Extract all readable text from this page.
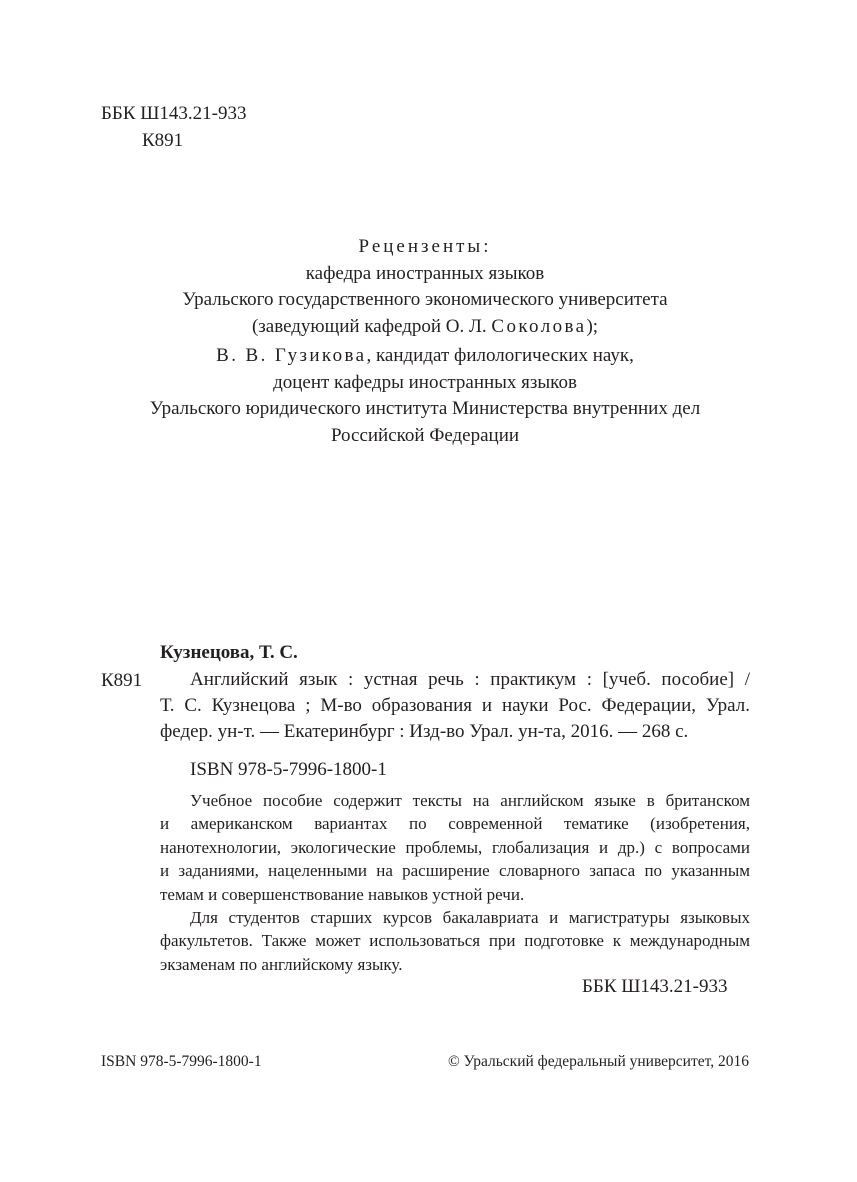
ББК Ш143.21-933
К891
Рецензенты:
кафедра иностранных языков
Уральского государственного экономического университета
(заведующий кафедрой О. Л. Соколова);
В. В. Гузикова, кандидат филологических наук,
доцент кафедры иностранных языков
Уральского юридического института Министерства внутренних дел
Российской Федерации
Кузнецова, Т. С.
К891	Английский язык : устная речь : практикум : [учеб. пособие] /
Т. С. Кузнецова ; М-во образования и науки Рос. Федерации, Урал.
федер. ун-т. — Екатеринбург : Изд-во Урал. ун-та, 2016. — 268 с.
ISBN 978-5-7996-1800-1
Учебное пособие содержит тексты на английском языке в британском
и американском вариантах по современной тематике (изобретения,
нанотехнологии, экологические проблемы, глобализация и др.) с вопросами
и заданиями, нацеленными на расширение словарного запаса по указанным
темам и совершенствование навыков устной речи.
Для студентов старших курсов бакалавриата и магистратуры языковых
факультетов. Также может использоваться при подготовке к международным
экзаменам по английскому языку.
ББК Ш143.21-933
ISBN 978-5-7996-1800-1	© Уральский федеральный университет, 2016
